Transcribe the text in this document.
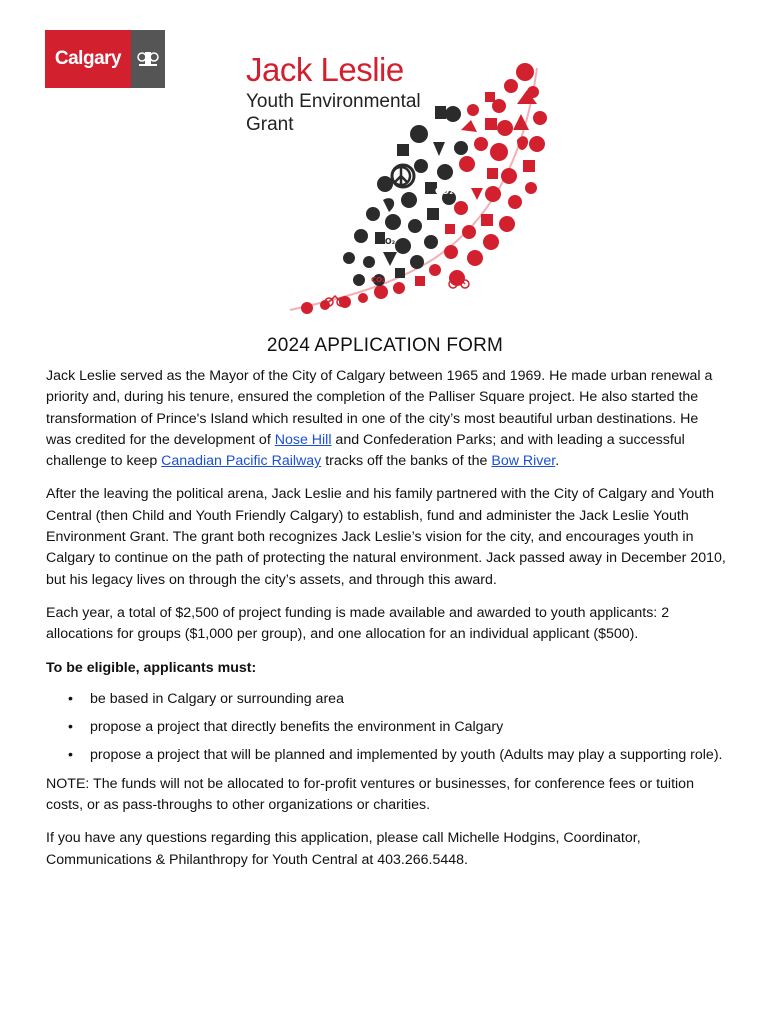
Calgary	Jack Leslie
Youth Environmental
Grant
CO₂
CO₂
CO₂
CO₂
2024 APPLICATION FORM

Jack Leslie served as the Mayor of the City of Calgary between 1965 and 1969. He made urban renewal a priority and, during his tenure, ensured the completion of the Palliser Square project. He also started the transformation of Prince's Island which resulted in one of the city’s most beautiful urban destinations. He was credited for the development of Nose Hill and Confederation Parks; and with leading a successful challenge to keep Canadian Pacific Railway tracks off the banks of the Bow River.

After the leaving the political arena, Jack Leslie and his family partnered with the City of Calgary and Youth Central (then Child and Youth Friendly Calgary) to establish, fund and administer the Jack Leslie Youth Environment Grant. The grant both recognizes Jack Leslie’s vision for the city, and encourages youth in Calgary to continue on the path of protecting the natural environment. Jack passed away in December 2010, but his legacy lives on through the city’s assets, and through this award.

Each year, a total of $2,500 of project funding is made available and awarded to youth applicants: 2 allocations for groups ($1,000 per group), and one allocation for an individual applicant ($500).

To be eligible, applicants must:

• be based in Calgary or surrounding area
• propose a project that directly benefits the environment in Calgary
• propose a project that will be planned and implemented by youth (Adults may play a supporting role).

NOTE: The funds will not be allocated to for-profit ventures or businesses, for conference fees or tuition costs, or as pass-throughs to other organizations or charities.

If you have any questions regarding this application, please call Michelle Hodgins, Coordinator, Communications & Philanthropy for Youth Central at 403.266.5448.
